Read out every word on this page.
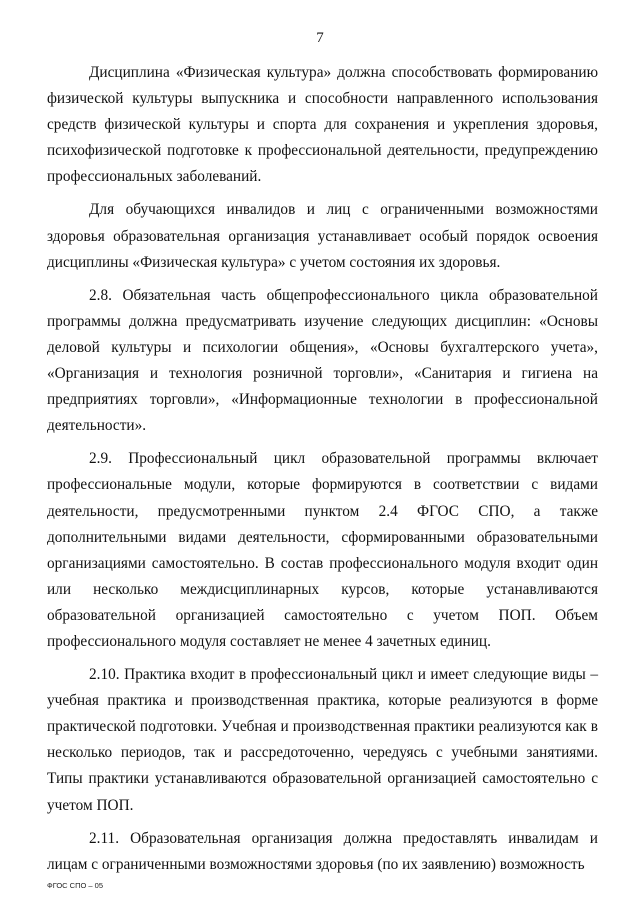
7

Дисциплина «Физическая культура» должна способствовать формированию физической культуры выпускника и способности направленного использования средств физической культуры и спорта для сохранения и укрепления здоровья, психофизической подготовке к профессиональной деятельности, предупреждению профессиональных заболеваний.

Для обучающихся инвалидов и лиц с ограниченными возможностями здоровья образовательная организация устанавливает особый порядок освоения дисциплины «Физическая культура» с учетом состояния их здоровья.

2.8. Обязательная часть общепрофессионального цикла образовательной программы должна предусматривать изучение следующих дисциплин: «Основы деловой культуры и психологии общения», «Основы бухгалтерского учета», «Организация и технология розничной торговли», «Санитария и гигиена на предприятиях торговли», «Информационные технологии в профессиональной деятельности».

2.9. Профессиональный цикл образовательной программы включает профессиональные модули, которые формируются в соответствии с видами деятельности, предусмотренными пунктом 2.4 ФГОС СПО, а также дополнительными видами деятельности, сформированными образовательными организациями самостоятельно. В состав профессионального модуля входит один или несколько междисциплинарных курсов, которые устанавливаются образовательной организацией самостоятельно с учетом ПОП. Объем профессионального модуля составляет не менее 4 зачетных единиц.

2.10. Практика входит в профессиональный цикл и имеет следующие виды – учебная практика и производственная практика, которые реализуются в форме практической подготовки. Учебная и производственная практики реализуются как в несколько периодов, так и рассредоточенно, чередуясь с учебными занятиями. Типы практики устанавливаются образовательной организацией самостоятельно с учетом ПОП.

2.11. Образовательная организация должна предоставлять инвалидам и лицам с ограниченными возможностями здоровья (по их заявлению) возможность

ФГОС СПО – 05
